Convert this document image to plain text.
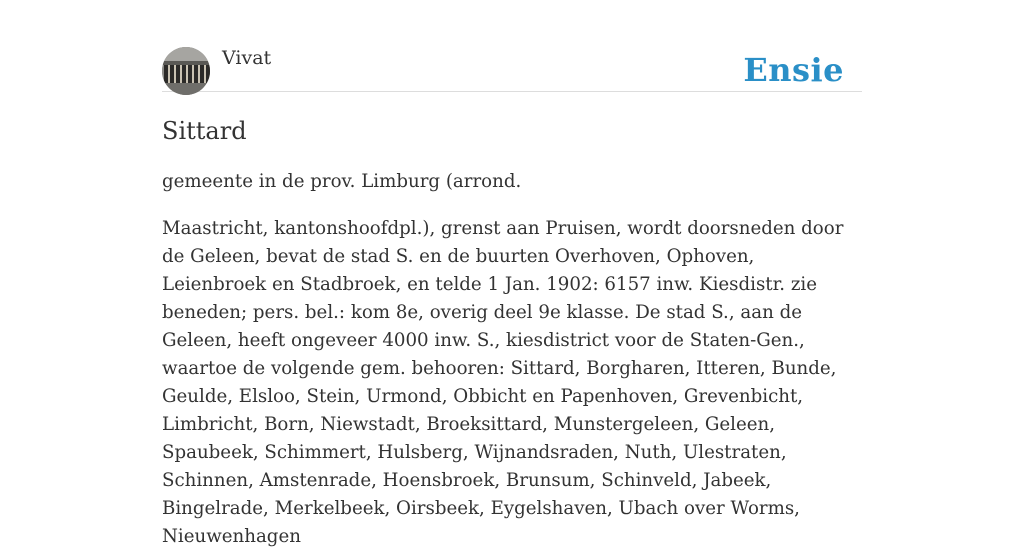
Vivat	Ensie
Sittard

gemeente in de prov. Limburg (arrond.

Maastricht, kantonshoofdpl.), grenst aan Pruisen, wordt doorsneden door de Geleen, bevat de stad S. en de buurten Overhoven, Ophoven, Leienbroek en Stadbroek, en telde 1 Jan. 1902: 6157 inw. Kiesdistr. zie beneden; pers. bel.: kom 8e, overig deel 9e klasse. De stad S., aan de Geleen, heeft ongeveer 4000 inw. S., kiesdistrict voor de Staten-Gen., waartoe de volgende gem. behooren: Sittard, Borgharen, Itteren, Bunde, Geulde, Elsloo, Stein, Urmond, Obbicht en Papenhoven, Grevenbicht, Limbricht, Born, Niewstadt, Broeksittard, Munstergeleen, Geleen, Spaubeek, Schimmert, Hulsberg, Wijnandsraden, Nuth, Ulestraten, Schinnen, Amstenrade, Hoensbroek, Brunsum, Schinveld, Jabeek, Bingelrade, Merkelbeek, Oirsbeek, Eygelshaven, Ubach over Worms, Nieuwenhagen
